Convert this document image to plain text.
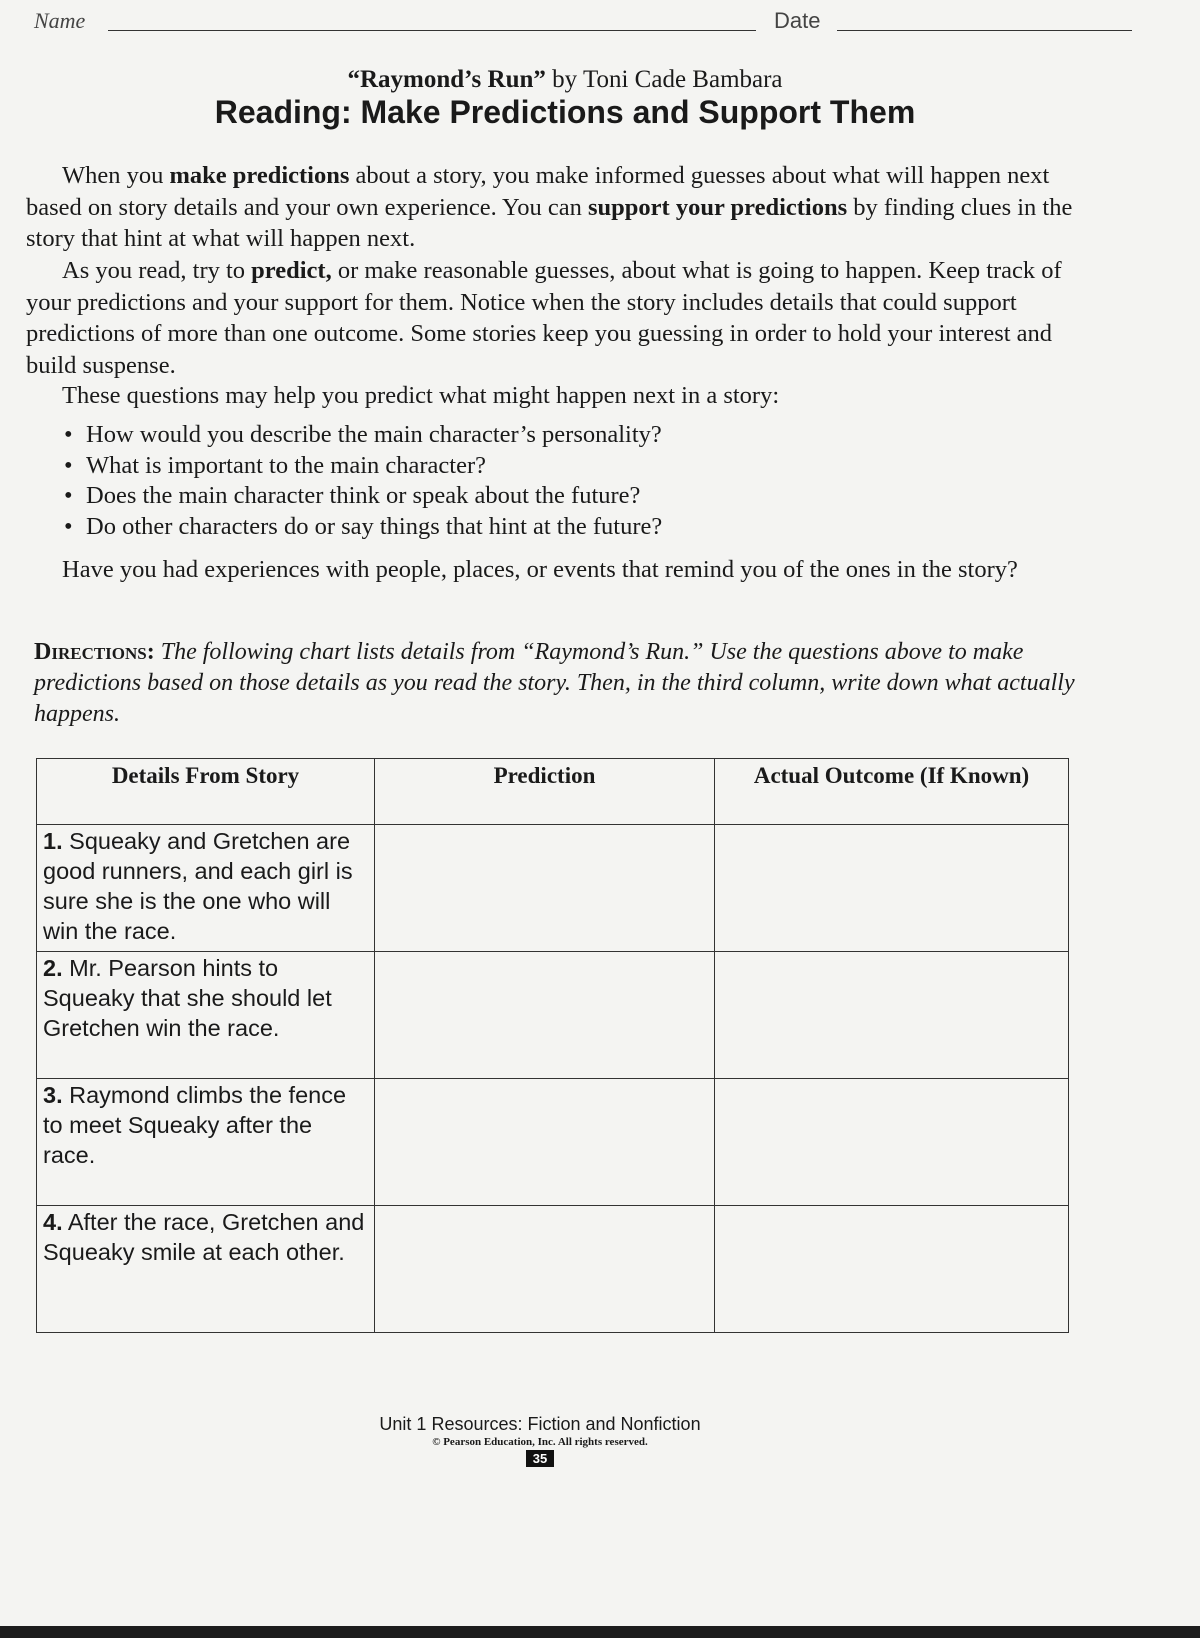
Name	Date
“Raymond’s Run” by Toni Cade Bambara
Reading: Make Predictions and Support Them
When you make predictions about a story, you make informed guesses about what will happen next based on story details and your own experience. You can support your predictions by finding clues in the story that hint at what will happen next.
As you read, try to predict, or make reasonable guesses, about what is going to happen. Keep track of your predictions and your support for them. Notice when the story includes details that could support predictions of more than one outcome. Some stories keep you guessing in order to hold your interest and build suspense.
These questions may help you predict what might happen next in a story:
• How would you describe the main character’s personality?
• What is important to the main character?
• Does the main character think or speak about the future?
• Do other characters do or say things that hint at the future?
Have you had experiences with people, places, or events that remind you of the ones in the story?
Directions: The following chart lists details from “Raymond’s Run.” Use the questions above to make predictions based on those details as you read the story. Then, in the third column, write down what actually happens.
Details From Story	Prediction	Actual Outcome (If Known)
1. Squeaky and Gretchen are good runners, and each girl is sure she is the one who will win the race.		
2. Mr. Pearson hints to Squeaky that she should let Gretchen win the race.		
3. Raymond climbs the fence to meet Squeaky after the race.		
4. After the race, Gretchen and Squeaky smile at each other.		
Unit 1 Resources: Fiction and Nonfiction
© Pearson Education, Inc. All rights reserved.
35
